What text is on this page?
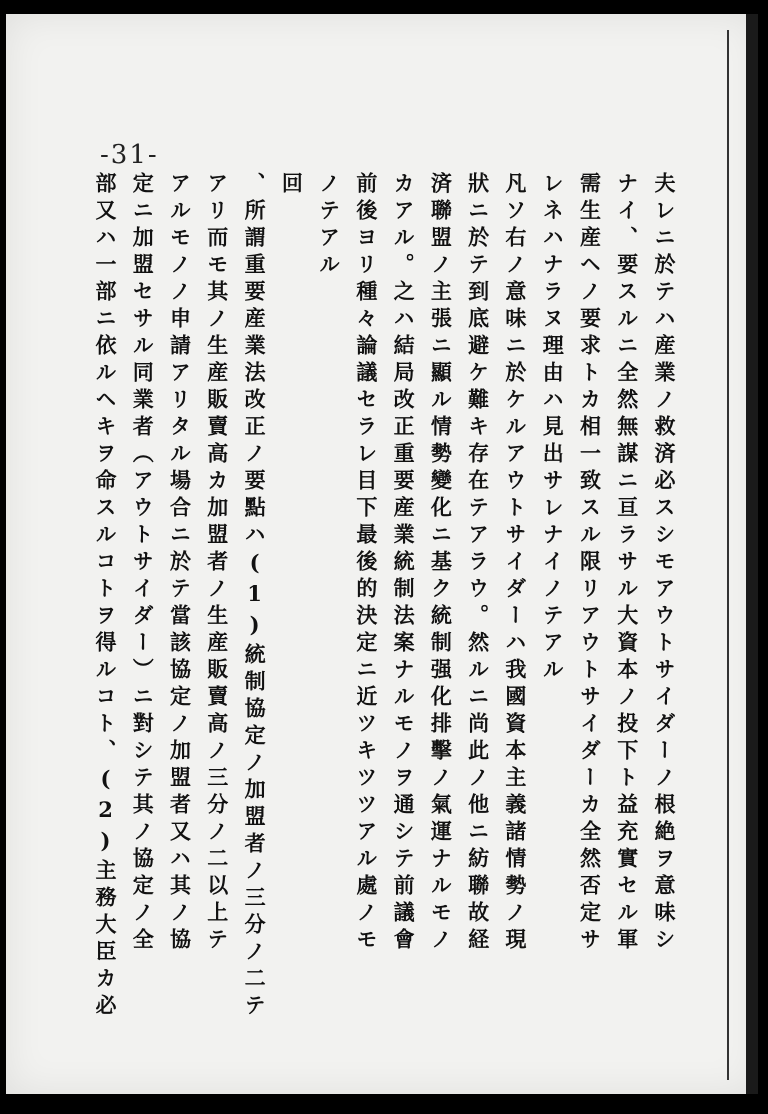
-31-
夫レニ於テハ産業ノ救済必スシモアウトサイダーノ根絶ヲ意味シ
ナイ、要スルニ全然無謀ニ亘ラサル大資本ノ投下ト益充實セル軍
需生産ヘノ要求トカ相一致スル限リアウトサイダーカ全然否定サ
レネハナラヌ理由ハ見出サレナイノテアル
凡ソ右ノ意味ニ於ケルアウトサイダーハ我國資本主義諸情勢ノ現
狀ニ於テ到底避ケ難キ存在テアラウ。然ルニ尚此ノ他ニ紡聯故経
済聯盟ノ主張ニ顯ル情勢變化ニ基ク統制强化排擊ノ氣運ナルモノ
カアル。之ハ結局改正重要産業統制法案ナルモノヲ通シテ前議會
前後ヨリ種々論議セラレ目下最後的決定ニ近ツキツツアル處ノモ
ノテアル
回
、所謂重要産業法改正ノ要點ハ(1)統制協定ノ加盟者ノ三分ノ二テ
アリ而モ其ノ生産販賣高カ加盟者ノ生産販賣高ノ三分ノ二以上テ
アルモノノ申請アリタル場合ニ於テ當該協定ノ加盟者又ハ其ノ協
定ニ加盟セサル同業者（アウトサイダー）ニ對シテ其ノ協定ノ全
部又ハ一部ニ依ルヘキヲ命スルコトヲ得ルコト、(2)主務大臣カ必
